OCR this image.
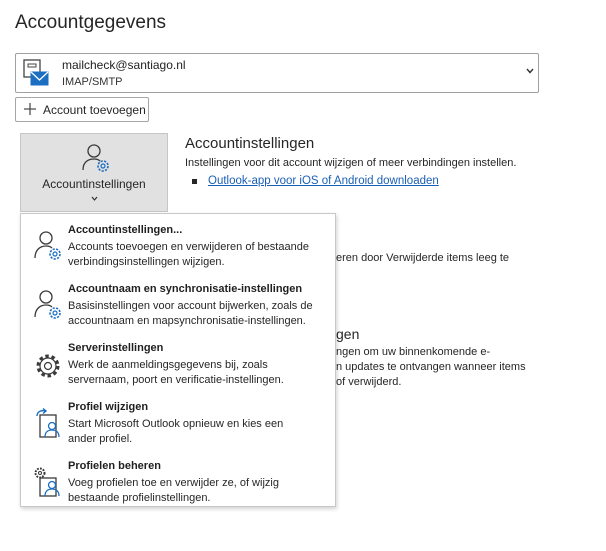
Accountgegevens
mailcheck@santiago.nl
IMAP/SMTP
Account toevoegen
Accountinstellingen
Accountinstellingen
Instellingen voor dit account wijzigen of meer verbindingen instellen.
Outlook-app voor iOS of Android downloaden
eren door Verwijderde items leeg te
gen
ngen om uw binnenkomende e-
n updates te ontvangen wanneer items
of verwijderd.
Accountinstellingen...
Accounts toevoegen en verwijderen of bestaande
verbindingsinstellingen wijzigen.
Accountnaam en synchronisatie-instellingen
Basisinstellingen voor account bijwerken, zoals de
accountnaam en mapsynchronisatie-instellingen.
Serverinstellingen
Werk de aanmeldingsgegevens bij, zoals
servernaam, poort en verificatie-instellingen.
Profiel wijzigen
Start Microsoft Outlook opnieuw en kies een
ander profiel.
Profielen beheren
Voeg profielen toe en verwijder ze, of wijzig
bestaande profielinstellingen.
